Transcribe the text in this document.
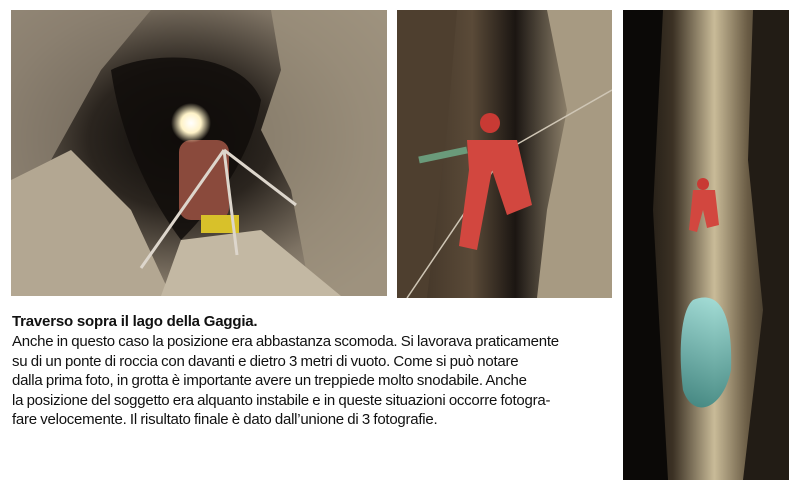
Traverso sopra il lago della Gaggia.
Anche in questo caso la posizione era abbastanza scomoda. Si lavorava praticamente
su di un ponte di roccia con davanti e dietro 3 metri di vuoto. Come si può notare
dalla prima foto, in grotta è importante avere un treppiede molto snodabile. Anche
la posizione del soggetto era alquanto instabile e in queste situazioni occorre fotogra-
fare velocemente. Il risultato finale è dato dall’unione di 3 fotografie.
